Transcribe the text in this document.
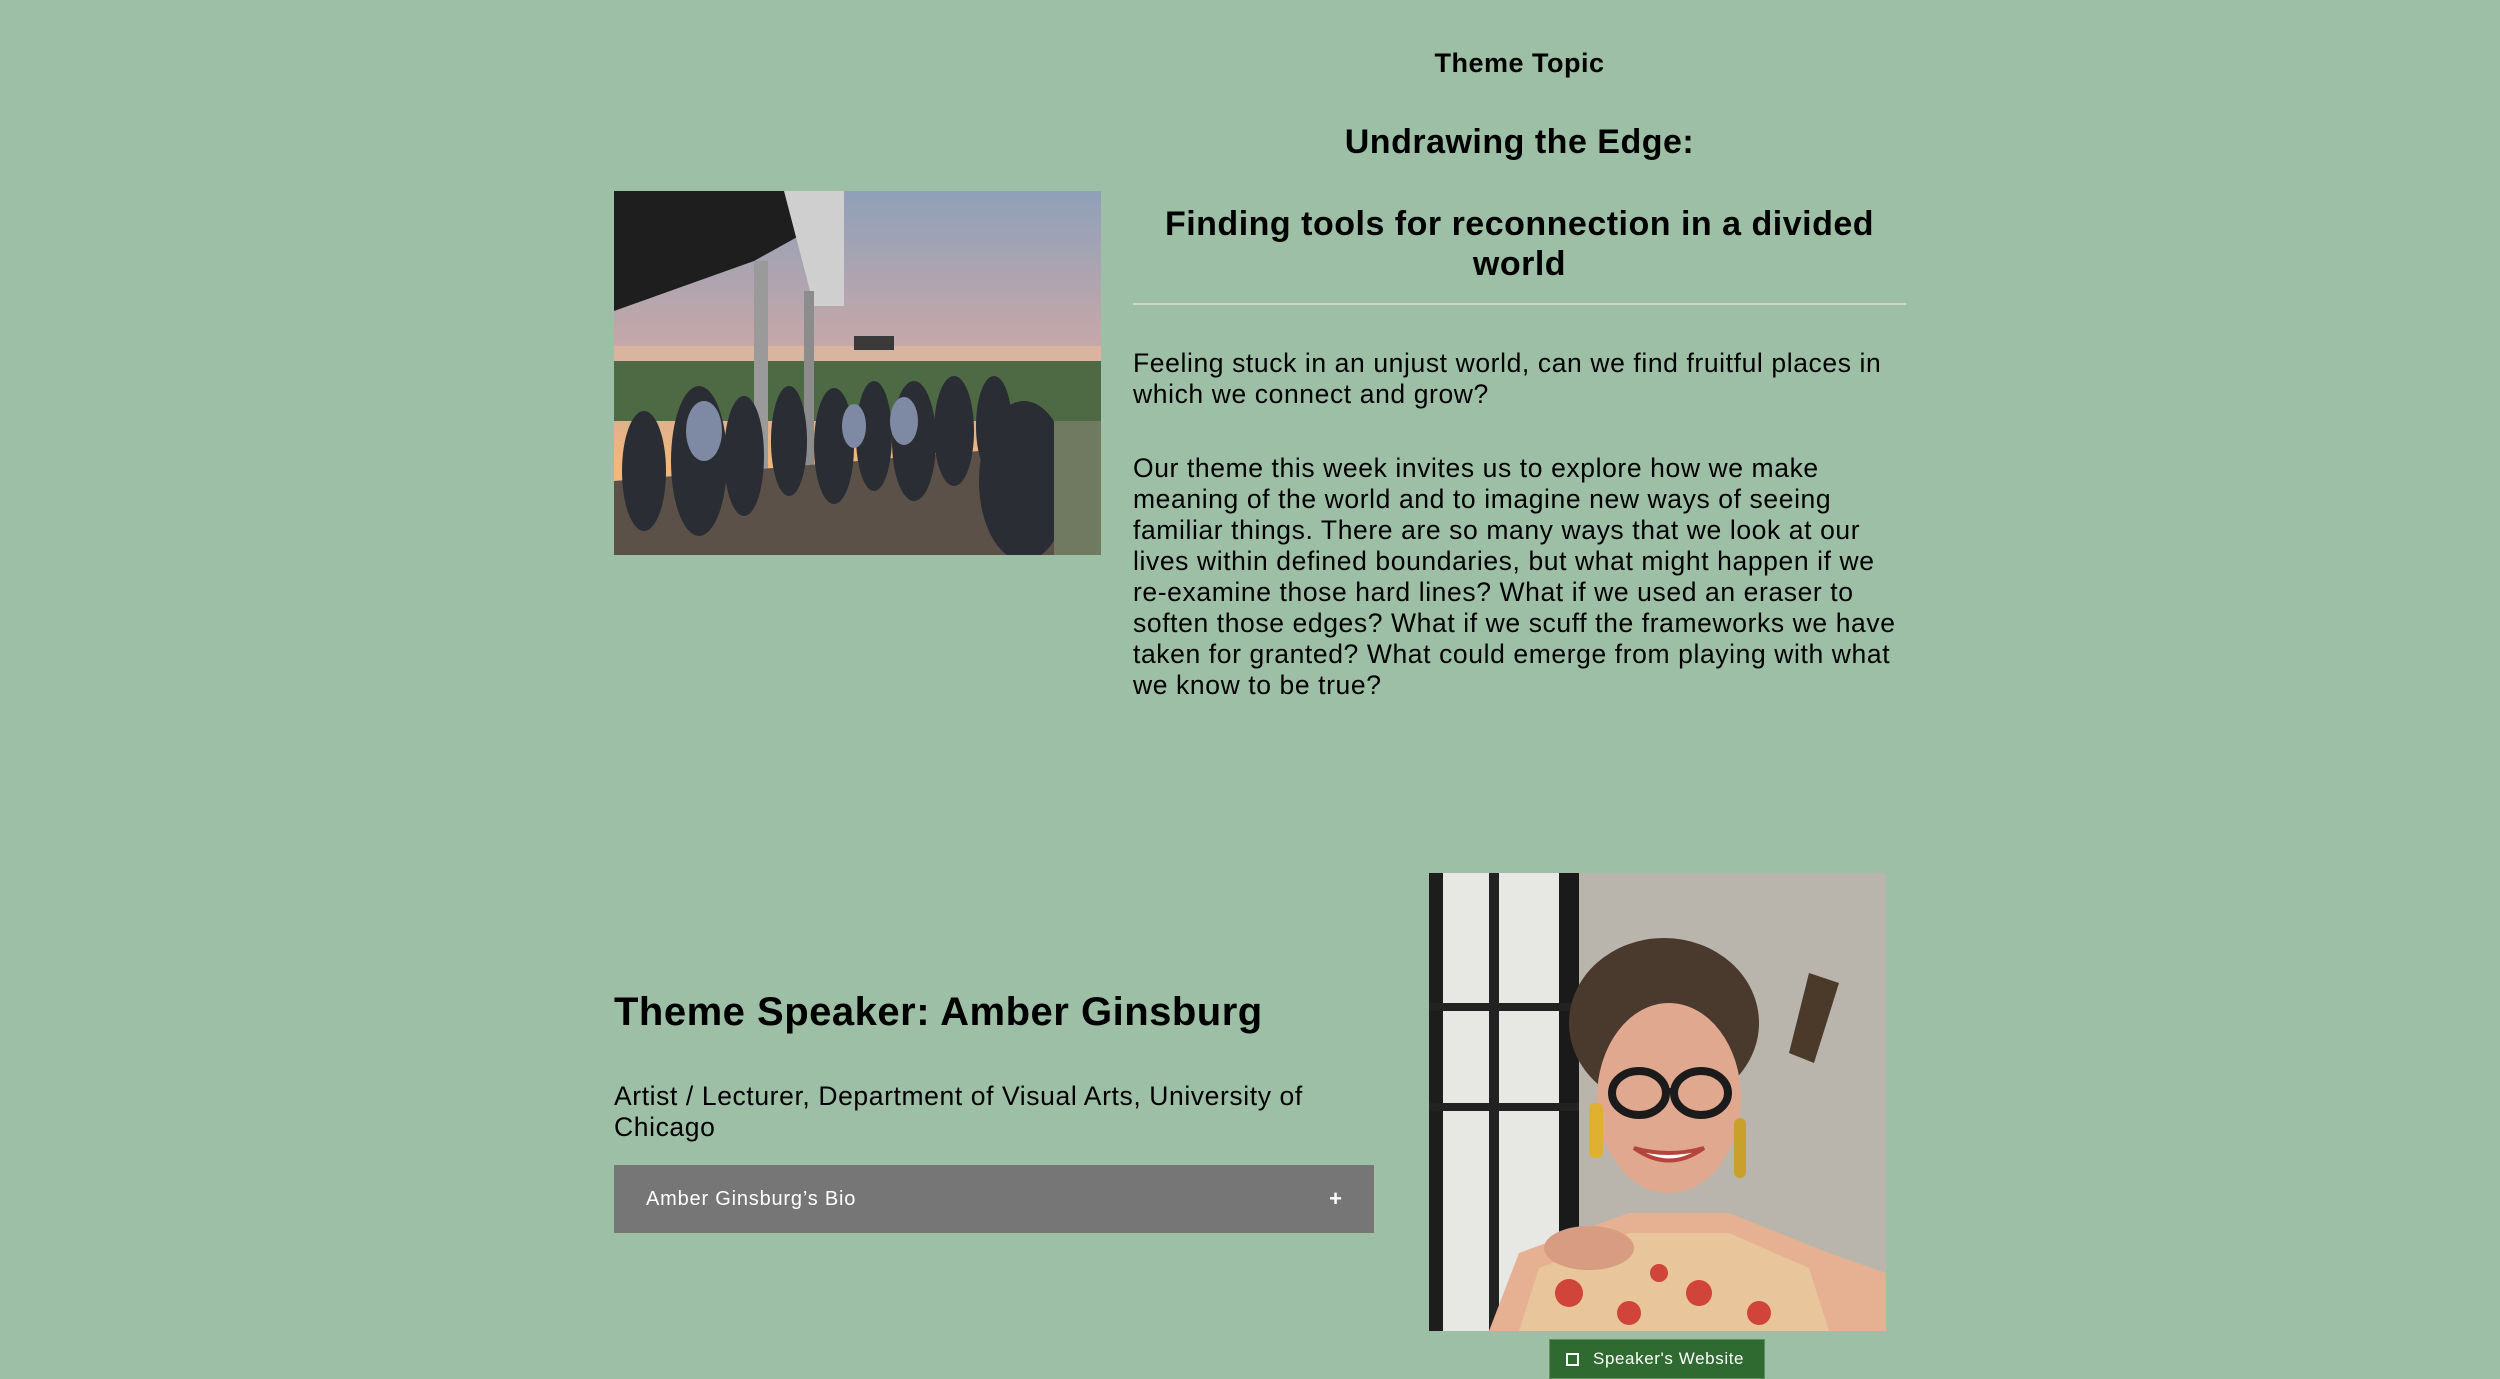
Theme Topic
Undrawing the Edge:
Finding tools for reconnection in a divided world

Feeling stuck in an unjust world, can we find fruitful places in which we connect and grow?

Our theme this week invites us to explore how we make meaning of the world and to imagine new ways of seeing familiar things. There are so many ways that we look at our lives within defined boundaries, but what might happen if we re-examine those hard lines? What if we used an eraser to soften those edges? What if we scuff the frameworks we have taken for granted? What could emerge from playing with what we know to be true?

Theme Speaker: Amber Ginsburg

Artist / Lecturer, Department of Visual Arts, University of Chicago

Amber Ginsburg’s Bio	+
Speaker's Website
